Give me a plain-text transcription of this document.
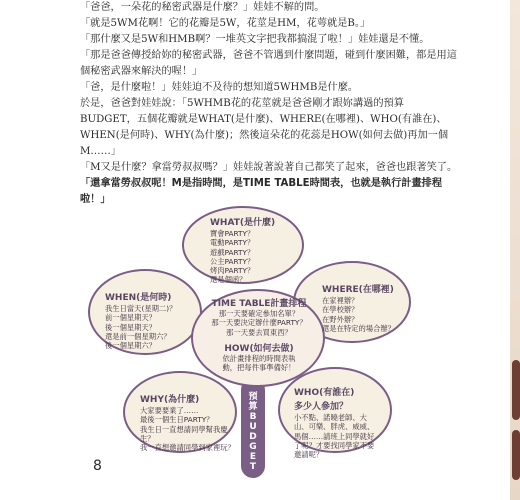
「爸爸，一朵花的秘密武器是什麼？」娃娃不解的問。

「就是5WM花啊！它的花瓣是5W，花莖是HM，花萼就是B。」

「那什麼又是5W和HMB啊？一堆英文字把我都搞混了啦！」娃娃還是不懂。

「那是爸爸傳授給妳的秘密武器，爸爸不管遇到什麼問題，碰到什麼困難，都是用這個秘密武器來解決的喔！」

「爸，是什麼啦！」娃娃迫不及待的想知道5WHMB是什麼。

於是，爸爸對娃娃說：「5WHMB花的花莖就是爸爸剛才跟妳講過的預算BUDGET，五個花瓣就是WHAT(是什麼)、WHERE(在哪裡)、WHO(有誰在)、WHEN(是何時)、WHY(為什麼)；然後這朵花的花蕊是HOW(如何去做)再加一個M……」

「M又是什麼？拿當勞叔叔嗎？」娃娃說著說著自己都笑了起來，爸爸也跟著笑了。

「還拿當勞叔叔呢！M是指時間，是TIME TABLE時間表，也就是執行計畫排程啦！」

WHAT(是什麼)
寶會PARTY？
電動PARTY？
遊戲PARTY？
公主PARTY？
烤肉PARTY？
還是個函？
WHERE(在哪裡)
在家裡辦？
在學校辦？
在野外辦？
還是在特定的場合辦？
WHEN(是何時)
我生日當天(星期二)？
前一個星期天？
後一個星期天？
還是前一個星期六？
後一個星期六？
WHY(為什麼)
大家要要業了……
最後一個生日PARTY？
我生日一直想請同學幫我慶生？
我一直想邀請同學到家裡玩？
WHO(有誰在)
多少人參加？
小不點、諾曉老師、大
山、可樂、胖虎、威威、
馬個……請班上同學就好
了呢？才要找同學家不要
邀請呢？
TIME TABLE計畫排程
那一天要確定參加名單？
那一天要決定辦什麼PARTY？
那一天要去買東西？
HOW(如何去做)
依計畫排程的時間表執
動，把每件事準備好！
預
算
B
U
D
G
E
T
8
